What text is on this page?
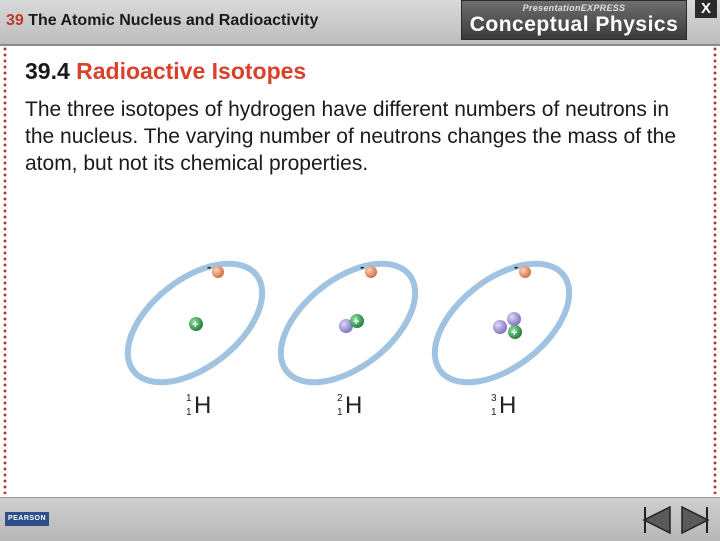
39 The Atomic Nucleus and Radioactivity
PresentationEXPRESS
Conceptual Physics
X
39.4 Radioactive Isotopes
The three isotopes of hydrogen have different numbers of neutrons in the nucleus. The varying number of neutrons changes the mass of the atom, but not its chemical properties.
-
+
1
1 H
-
+
2
1 H
-
+
3
1 H
PEARSON
